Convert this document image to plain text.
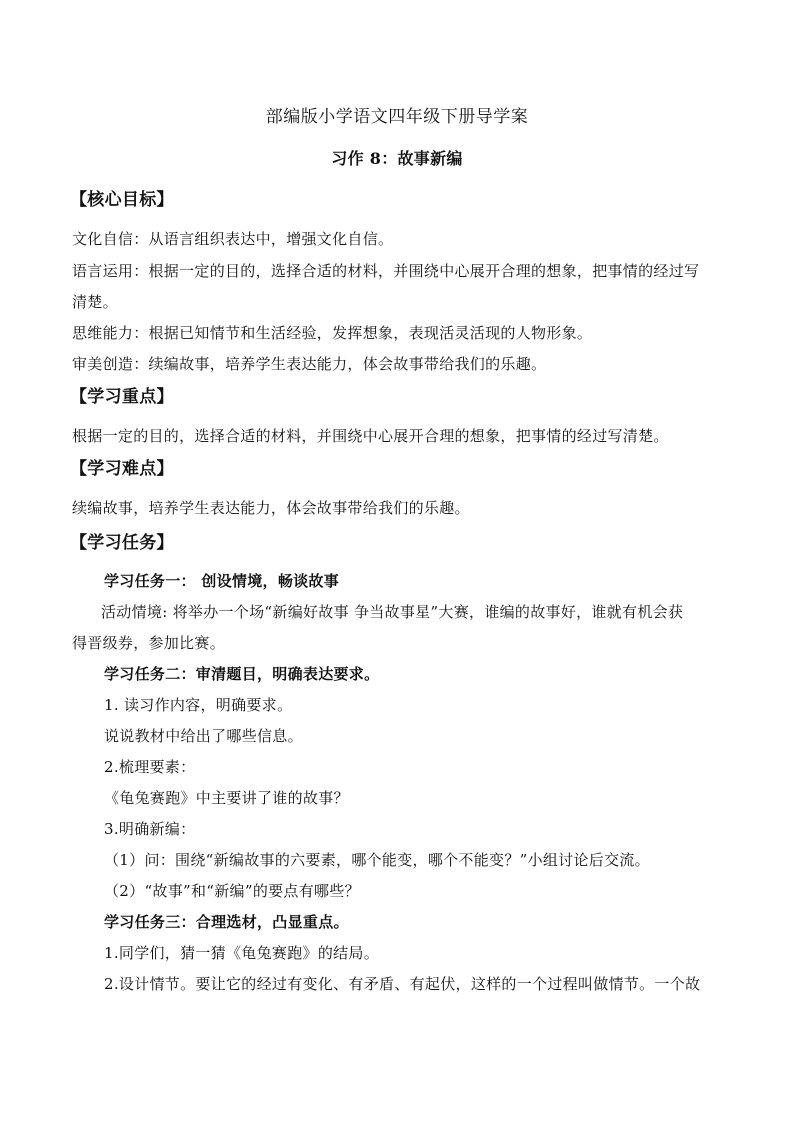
部编版小学语文四年级下册导学案
习作 8：故事新编
【核心目标】
文化自信：从语言组织表达中，增强文化自信。
语言运用：根据一定的目的，选择合适的材料，并围绕中心展开合理的想象，把事情的经过写
清楚。
思维能力：根据已知情节和生活经验，发挥想象，表现活灵活现的人物形象。
审美创造：续编故事，培养学生表达能力，体会故事带给我们的乐趣。
【学习重点】
根据一定的目的，选择合适的材料，并围绕中心展开合理的想象，把事情的经过写清楚。
【学习难点】
续编故事，培养学生表达能力，体会故事带给我们的乐趣。
【学习任务】
学习任务一： 创设情境，畅谈故事
活动情境: 将举办一个场“新编好故事 争当故事星”大赛，谁编的故事好，谁就有机会获
得晋级券，参加比赛。
学习任务二：审清题目，明确表达要求。
1. 读习作内容，明确要求。
说说教材中给出了哪些信息。
2.梳理要素：
《龟兔赛跑》中主要讲了谁的故事？
3.明确新编：
（1）问：围绕“新编故事的六要素，哪个能变，哪个不能变？”小组讨论后交流。
（2）“故事”和“新编”的要点有哪些？
学习任务三：合理选材，凸显重点。
1.同学们，猜一猜《龟兔赛跑》的结局。
2.设计情节。要让它的经过有变化、有矛盾、有起伏，这样的一个过程叫做情节。一个故
